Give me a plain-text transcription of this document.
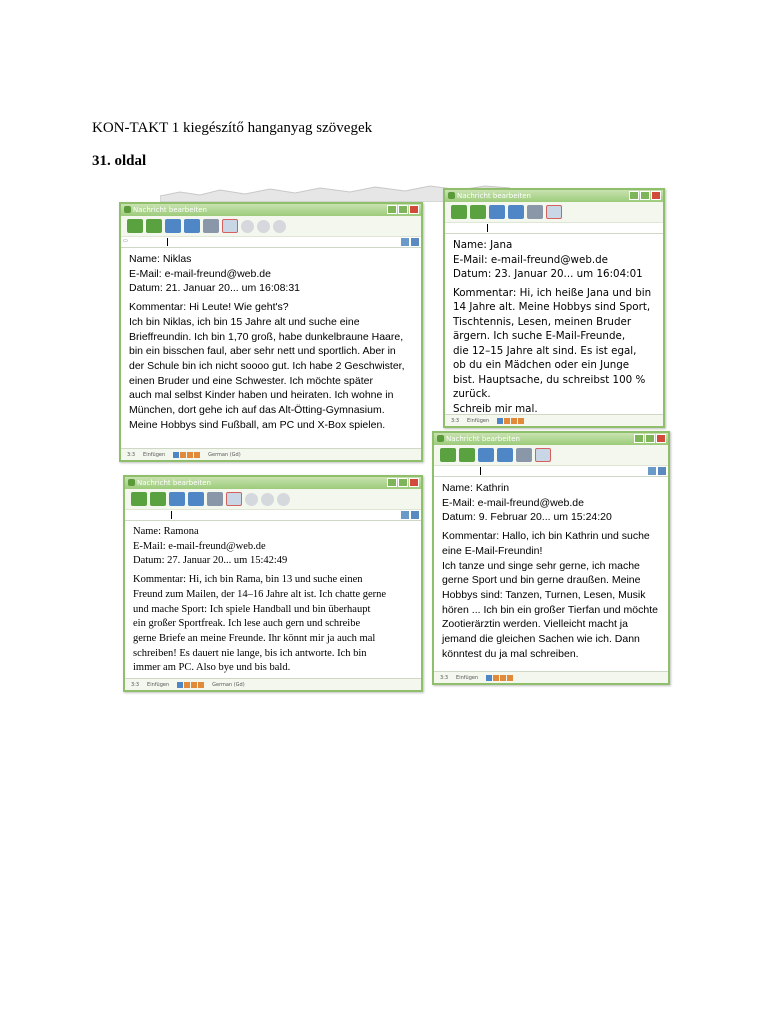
KON-TAKT 1 kiegészítő hanganyag szövegek
31. oldal
Nachricht bearbeiten
▭

Name: Niklas

E-Mail: e-mail-freund@web.de

Datum: 21. Januar 20... um 16:08:31

Kommentar: Hi Leute! Wie geht's?

Ich bin Niklas, ich bin 15 Jahre alt und suche eine

Brieffreundin. Ich bin 1,70 groß, habe dunkelbraune Haare,

bin ein bisschen faul, aber sehr nett und sportlich. Aber in

der Schule bin ich nicht soooo gut. Ich habe 2 Geschwister,

einen Bruder und eine Schwester. Ich möchte später

auch mal selbst Kinder haben und heiraten. Ich wohne in

München, dort gehe ich auf das Alt-Ötting-Gymnasium.

Meine Hobbys sind Fußball, am PC und X-Box spielen.

3:3 Einfügen	German (Gd)
Nachricht bearbeiten

Name: Jana

E-Mail: e-mail-freund@web.de

Datum: 23. Januar 20... um 16:04:01

Kommentar: Hi, ich heiße Jana und bin

14 Jahre alt. Meine Hobbys sind Sport,

Tischtennis, Lesen, meinen Bruder

ärgern. Ich suche E-Mail-Freunde,

die 12–15 Jahre alt sind. Es ist egal,

ob du ein Mädchen oder ein Junge

bist. Hauptsache, du schreibst 100 %

zurück.

Schreib mir mal.

3:3 Einfügen
Nachricht bearbeiten

Name: Ramona

E-Mail: e-mail-freund@web.de

Datum: 27. Januar 20... um 15:42:49

Kommentar: Hi, ich bin Rama, bin 13 und suche einen

Freund zum Mailen, der 14–16 Jahre alt ist. Ich chatte gerne

und mache Sport: Ich spiele Handball und bin überhaupt

ein großer Sportfreak. Ich lese auch gern und schreibe

gerne Briefe an meine Freunde. Ihr könnt mir ja auch mal

schreiben! Es dauert nie lange, bis ich antworte. Ich bin

immer am PC. Also bye und bis bald.

3:3 Einfügen	German (Gd)
Nachricht bearbeiten

Name: Kathrin

E-Mail: e-mail-freund@web.de

Datum: 9. Februar 20... um 15:24:20

Kommentar: Hallo, ich bin Kathrin und suche

eine E-Mail-Freundin!

Ich tanze und singe sehr gerne, ich mache

gerne Sport und bin gerne draußen. Meine

Hobbys sind: Tanzen, Turnen, Lesen, Musik

hören ... Ich bin ein großer Tierfan und möchte

Zootierärztin werden. Vielleicht macht ja

jemand die gleichen Sachen wie ich. Dann

könntest du ja mal schreiben.

3:3 Einfügen
